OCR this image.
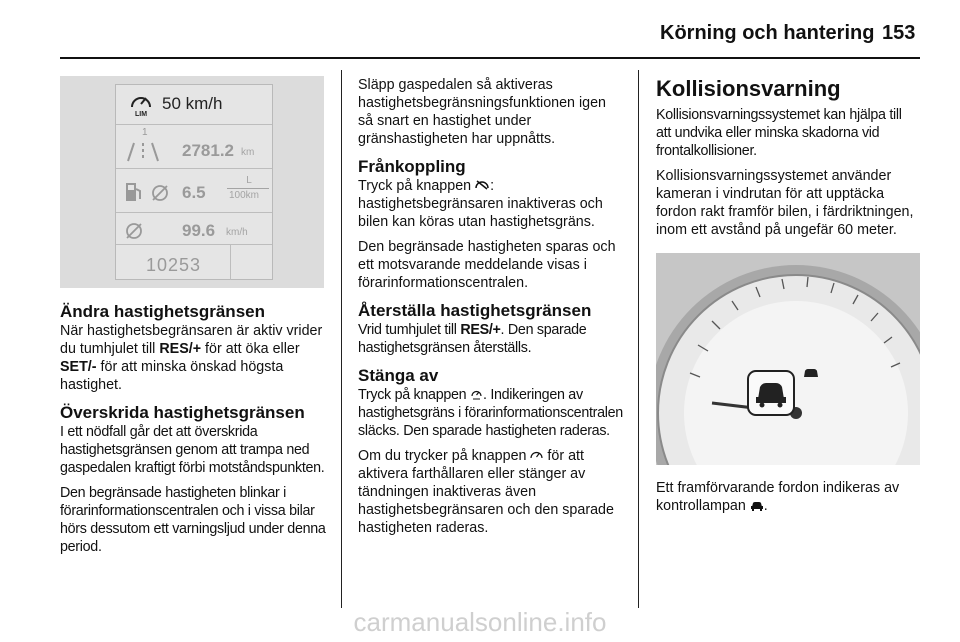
Körning och hantering 153
LIM
50 km/h
1
2781.2 km
6.5
L
100km
99.6 km/h
10253
Ändra hastighetsgränsen

När hastighetsbegränsaren är aktiv vrider du tumhjulet till RES/+ för att öka eller SET/- för att minska önskad högsta hastighet.

Överskrida hastighetsgränsen

I ett nödfall går det att överskrida hastighetsgränsen genom att trampa ned gaspedalen kraftigt förbi motståndspunkten.

Den begränsade hastigheten blinkar i förarinformationscentralen och i vissa bilar hörs dessutom ett varningsljud under denna period.

Släpp gaspedalen så aktiveras hastighetsbegränsningsfunktionen igen så snart en hastighet under gränshastigheten har uppnåtts.

Frånkoppling

Tryck på knappen : hastighetsbegränsaren inaktiveras och bilen kan köras utan hastighetsgräns.

Den begränsade hastigheten sparas och ett motsvarande meddelande visas i förarinformationscentralen.

Återställa hastighetsgränsen

Vrid tumhjulet till RES/+. Den sparade hastighetsgränsen återställs.

Stänga av

Tryck på knappen . Indikeringen av hastighetsgräns i förarinformationscentralen släcks. Den sparade hastigheten raderas.

Om du trycker på knappen  för att aktivera farthållaren eller stänger av tändningen inaktiveras även hastighetsbegränsaren och den sparade hastigheten raderas.

Kollisionsvarning

Kollisionsvarningssystemet kan hjälpa till att undvika eller minska skadorna vid frontalkollisioner.

Kollisionsvarningssystemet använder kameran i vindrutan för att upptäcka fordon rakt framför bilen, i färdriktningen, inom ett avstånd på ungefär 60 meter.

Ett framförvarande fordon indikeras av kontrollampan .

carmanualsonline.info
